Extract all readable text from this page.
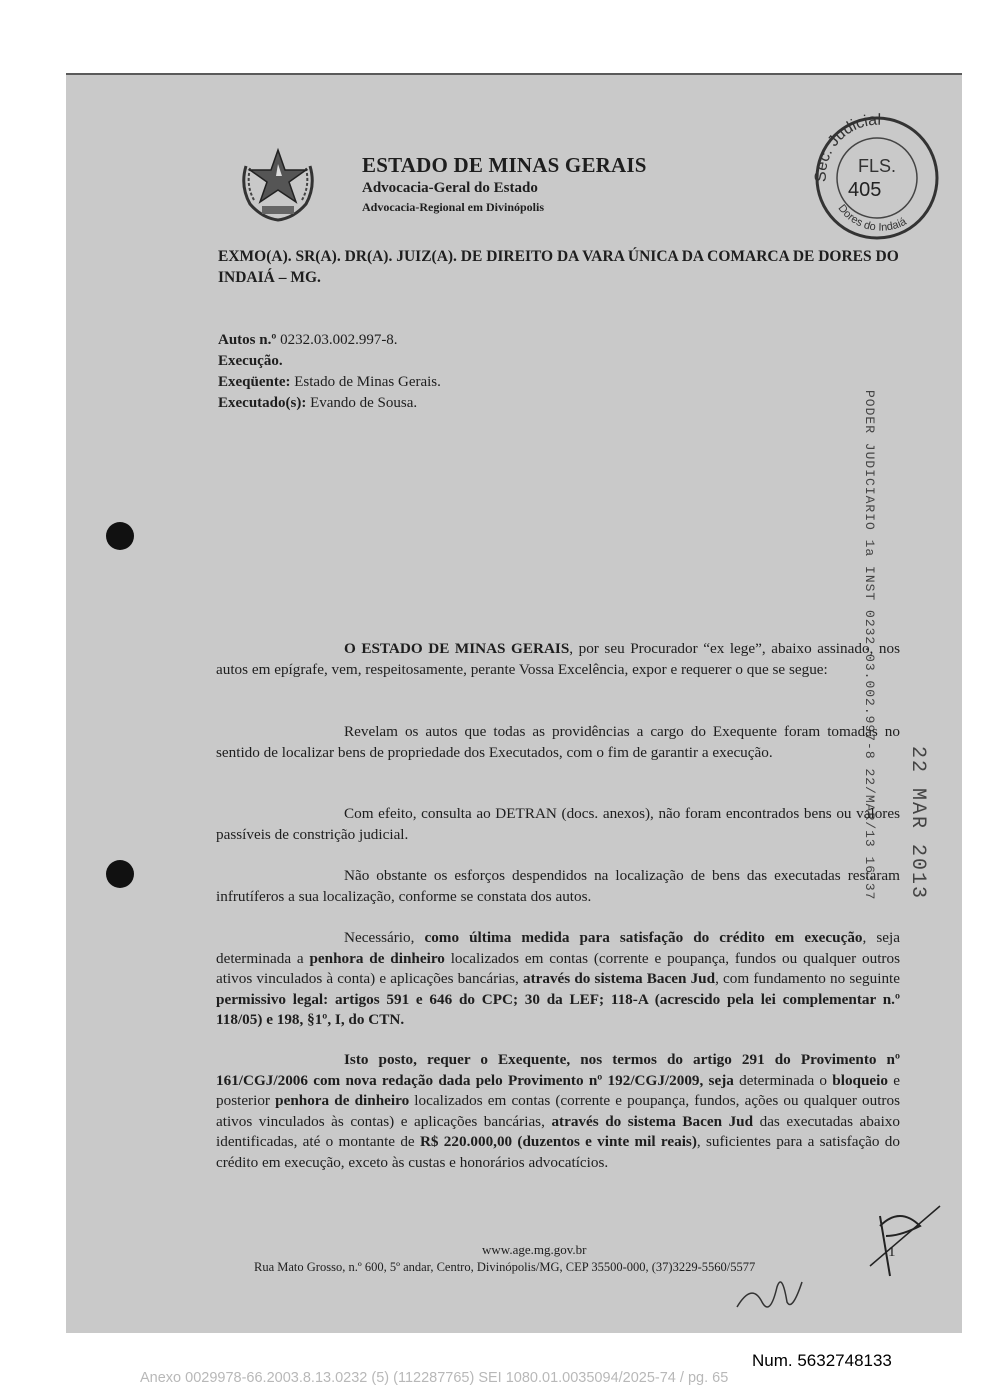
ESTADO DE MINAS GERAIS
Advocacia-Geral do Estado
Advocacia-Regional em Divinópolis
Sec. Judicial
Dores do Indaiá
FLS.
405
EXMO(A). SR(A). DR(A). JUIZ(A). DE DIREITO DA VARA ÚNICA DA COMARCA DE DORES DO INDAIÁ – MG.
Autos n.º 0232.03.002.997-8.
Execução.
Exeqüente: Estado de Minas Gerais.
Executado(s): Evando de Sousa.	PODER JUDICIARIO 1a INST 0232.03.002.997-8 22/MAR/13 16:37 22 MAR 2013
O ESTADO DE MINAS GERAIS, por seu Procurador “ex lege”, abaixo assinado, nos autos em epígrafe, vem, respeitosamente, perante Vossa Excelência, expor e requerer o que se segue:
Revelam os autos que todas as providências a cargo do Exequente foram tomadas no sentido de localizar bens de propriedade dos Executados, com o fim de garantir a execução.
Com efeito, consulta ao DETRAN (docs. anexos), não foram encontrados bens ou valores passíveis de constrição judicial.
Não obstante os esforços despendidos na localização de bens das executadas restaram infrutíferos a sua localização, conforme se constata dos autos.
Necessário, como última medida para satisfação do crédito em execução, seja determinada a penhora de dinheiro localizados em contas (corrente e poupança, fundos ou qualquer outros ativos vinculados à conta) e aplicações bancárias, através do sistema Bacen Jud, com fundamento no seguinte permissivo legal: artigos 591 e 646 do CPC; 30 da LEF; 118-A (acrescido pela lei complementar n.º 118/05) e 198, §1º, I, do CTN.
Isto posto, requer o Exequente, nos termos do artigo 291 do Provimento nº 161/CGJ/2006 com nova redação dada pelo Provimento nº 192/CGJ/2009, seja determinada o bloqueio e posterior penhora de dinheiro localizados em contas (corrente e poupança, fundos, ações ou qualquer outros ativos vinculados às contas) e aplicações bancárias, através do sistema Bacen Jud das executadas abaixo identificadas, até o montante de R$ 220.000,00 (duzentos e vinte mil reais), suficientes para a satisfação do crédito em execução, exceto às custas e honorários advocatícios.
www.age.mg.gov.br
Rua Mato Grosso, n.º 600, 5º andar, Centro, Divinópolis/MG, CEP 35500-000, (37)3229-5560/5577
1
Num. 5632748133
Anexo 0029978-66.2003.8.13.0232 (5) (112287765) SEI 1080.01.0035094/2025-74 / pg. 65
